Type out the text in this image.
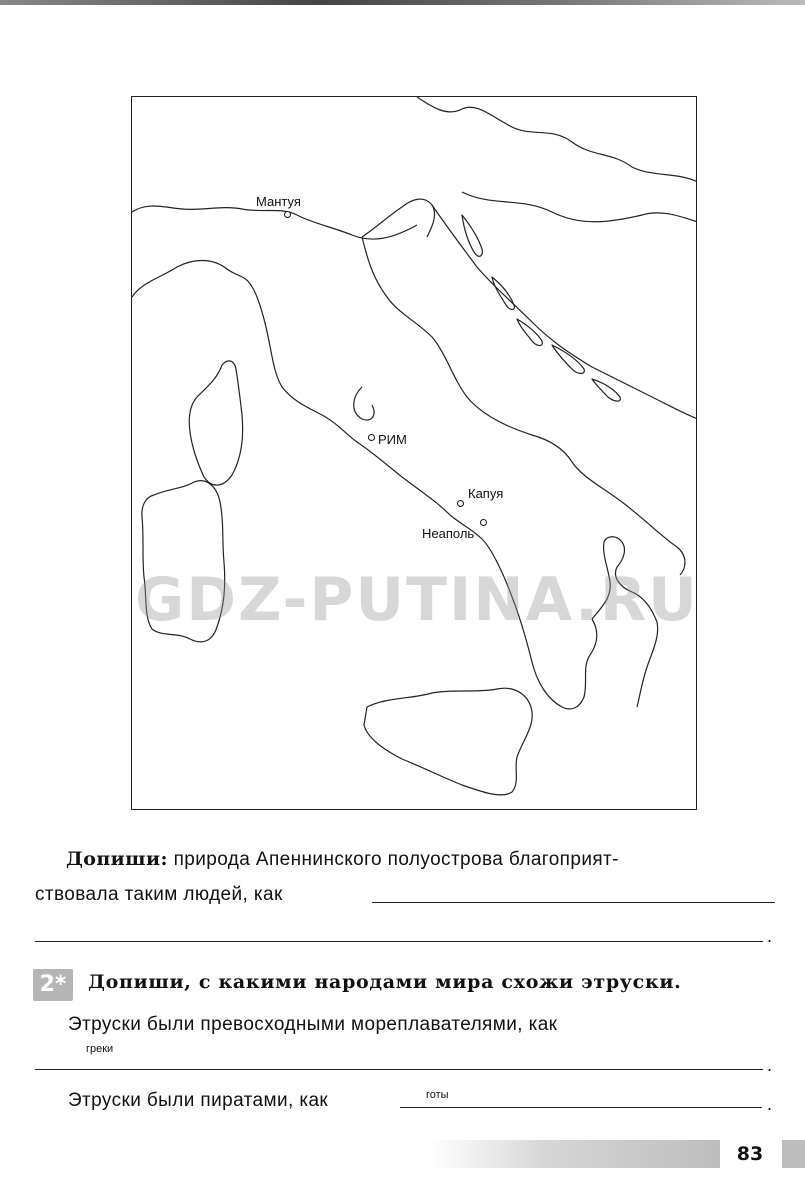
Мантуя
РИМ
Капуя
Неаполь
GDZ-PUTINA.RU
Допиши: природа Апеннинского полуострова благоприят-
ствовала таким людей, как
.
2*	Допиши, с какими народами мира схожи этруски.
Этруски были превосходными мореплавателями, как
греки
.
Этруски были пиратами, как	готы	.
83
